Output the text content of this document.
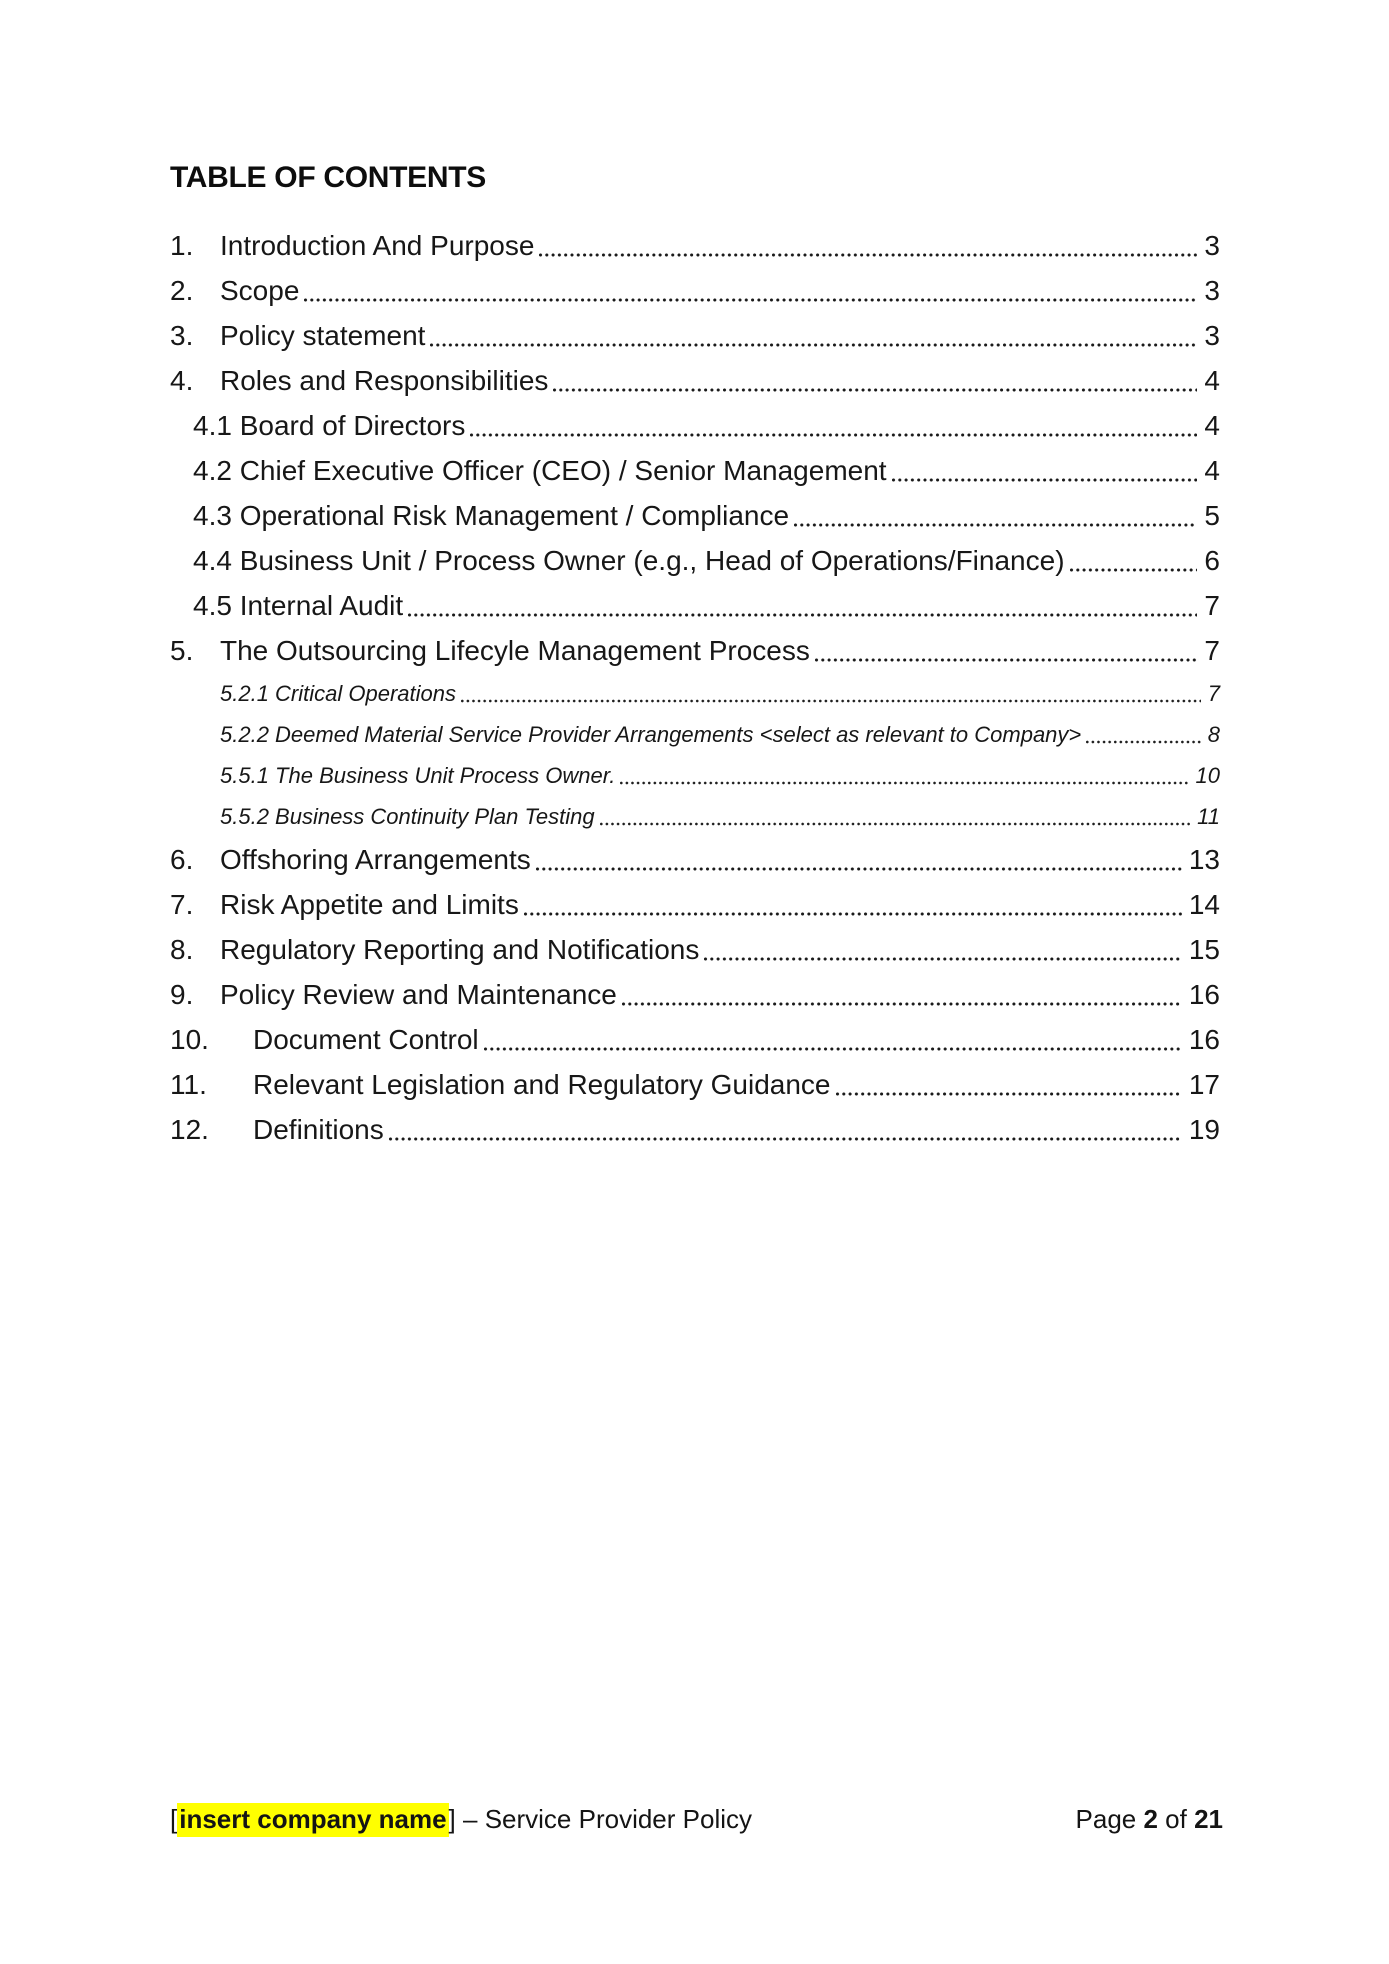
TABLE OF CONTENTS
1. Introduction And Purpose	3
2. Scope	3
3. Policy statement	3
4. Roles and Responsibilities	4
4.1 Board of Directors	4
4.2 Chief Executive Officer (CEO) / Senior Management	4
4.3 Operational Risk Management / Compliance	5
4.4 Business Unit / Process Owner (e.g., Head of Operations/Finance)	6
4.5 Internal Audit	7
5. The Outsourcing Lifecyle Management Process	7
5.2.1 Critical Operations	7
5.2.2 Deemed Material Service Provider Arrangements <select as relevant to Company>	8
5.5.1 The Business Unit Process Owner.	10
5.5.2 Business Continuity Plan Testing	11
6. Offshoring Arrangements	13
7. Risk Appetite and Limits	14
8. Regulatory Reporting and Notifications	15
9. Policy Review and Maintenance	16
10.	Document Control	16
11.	Relevant Legislation and Regulatory Guidance	17
12.	Definitions	19
[insert company name] – Service Provider Policy	Page 2 of 21
